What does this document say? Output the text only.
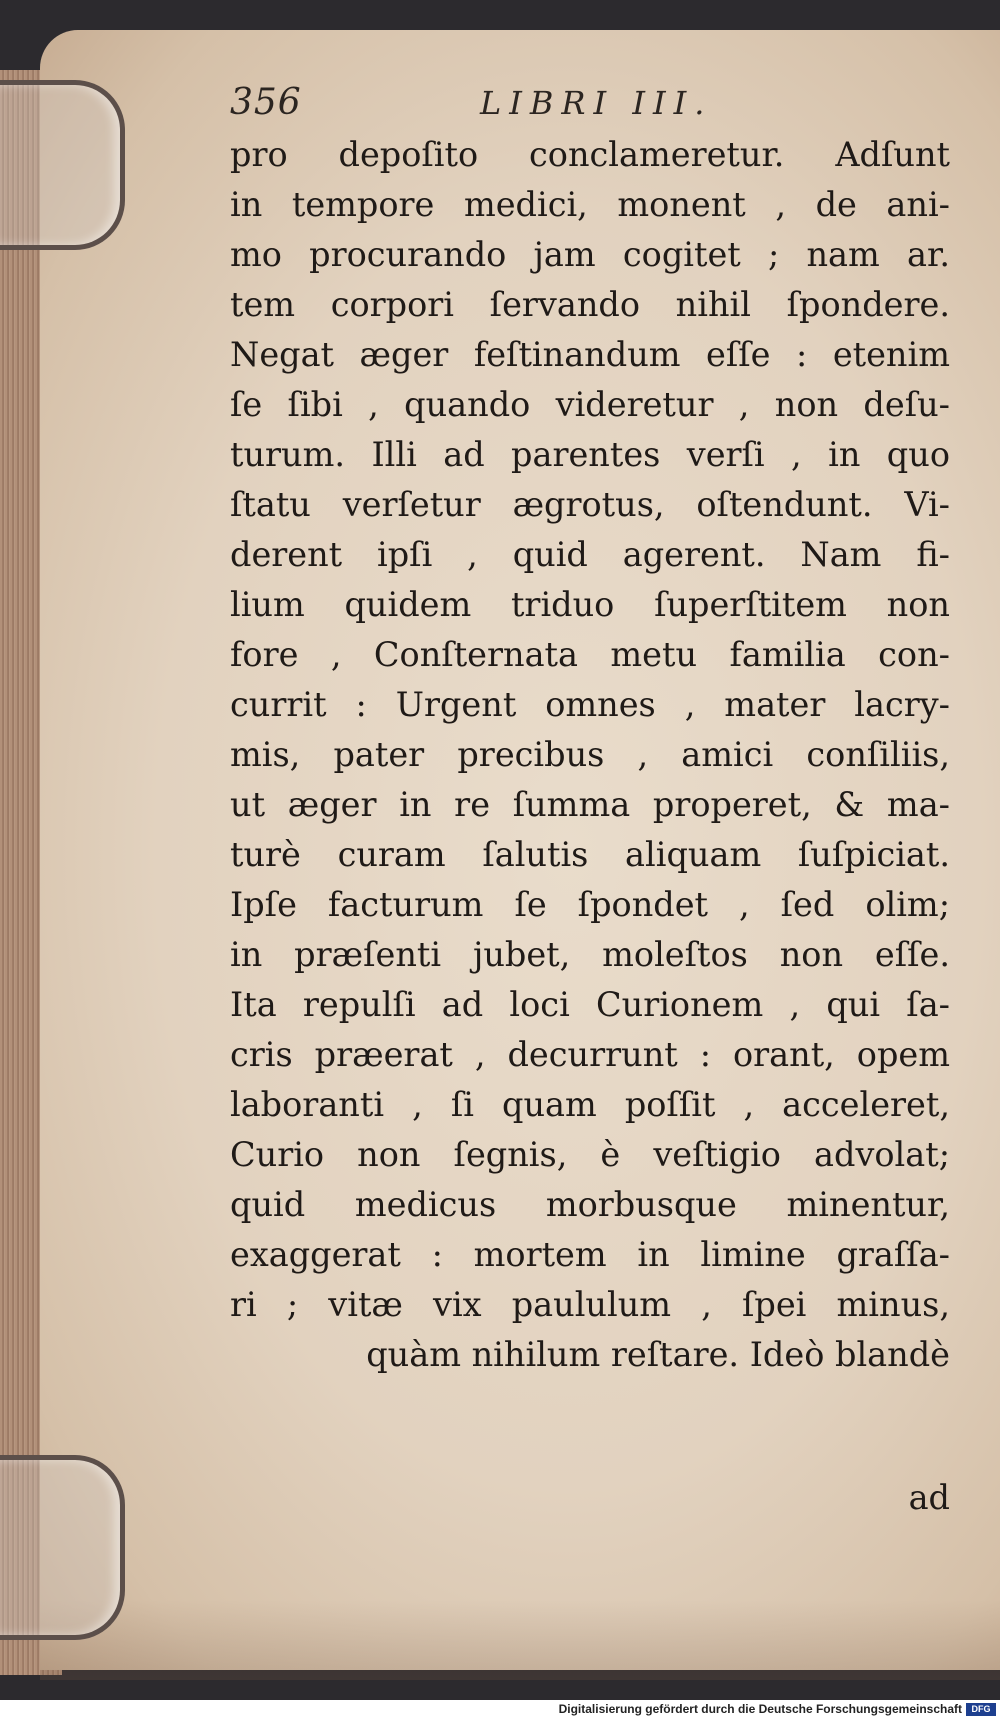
356	LIBRI III.
pro depoſito conclameretur. Adſunt
in tempore medici, monent , de ani-
mo procurando jam cogitet ; nam ar.
tem corpori ſervando nihil ſpondere.
Negat æger feſtinandum eſſe : etenim
ſe ſibi , quando videretur , non deſu-
turum. Illi ad parentes verſi , in quo
ſtatu verſetur ægrotus, oſtendunt. Vi-
derent ipſi , quid agerent. Nam fi-
lium quidem triduo ſuperſtitem non
fore , Conſternata metu familia con-
currit : Urgent omnes , mater lacry-
mis, pater precibus , amici conſiliis,
ut æger in re ſumma properet, & ma-
turè curam ſalutis aliquam ſuſpiciat.
Ipſe facturum ſe ſpondet , ſed olim;
in præſenti jubet, moleſtos non eſſe.
Ita repulſi ad loci Curionem , qui ſa-
cris præerat , decurrunt : orant, opem
laboranti , ſi quam poſſit , acceleret,
Curio non ſegnis, è veſtigio advolat;
quid medicus morbusque minentur,
exaggerat : mortem in limine graſſa-
ri ; vitæ vix paululum , ſpei minus,
quàm nihilum reſtare. Ideò blandè
ad
Digitalisierung gefördert durch die Deutsche Forschungsgemeinschaft	DFG
